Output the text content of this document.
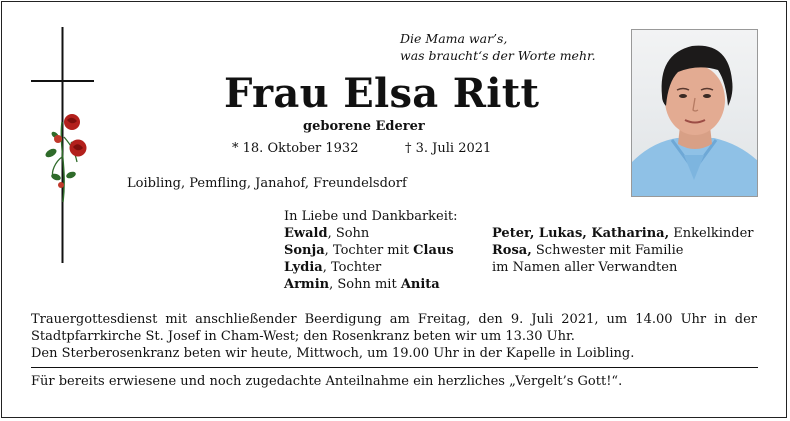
Die Mama war’s,
was braucht‘s der Worte mehr.
Frau Elsa Ritt
geborene Ederer
* 18. Oktober 1932	† 3. Juli 2021
Loibling, Pemfling, Janahof, Freundelsdorf
In Liebe und Dankbarkeit:
Ewald, Sohn
Sonja, Tochter mit Claus
Lydia, Tochter
Armin, Sohn mit Anita
Peter, Lukas, Katharina, Enkelkinder
Rosa, Schwester mit Familie
im Namen aller Verwandten

Trauergottesdienst mit anschließender Beerdigung am Freitag, den 9. Juli 2021, um 14.00 Uhr in der

Stadtpfarrkirche St. Josef in Cham-West; den Rosenkranz beten wir um 13.30 Uhr.

Den Sterberosenkranz beten wir heute, Mittwoch, um 19.00 Uhr in der Kapelle in Loibling.

Für bereits erwiesene und noch zugedachte Anteilnahme ein herzliches „Vergelt’s Gott!“.
